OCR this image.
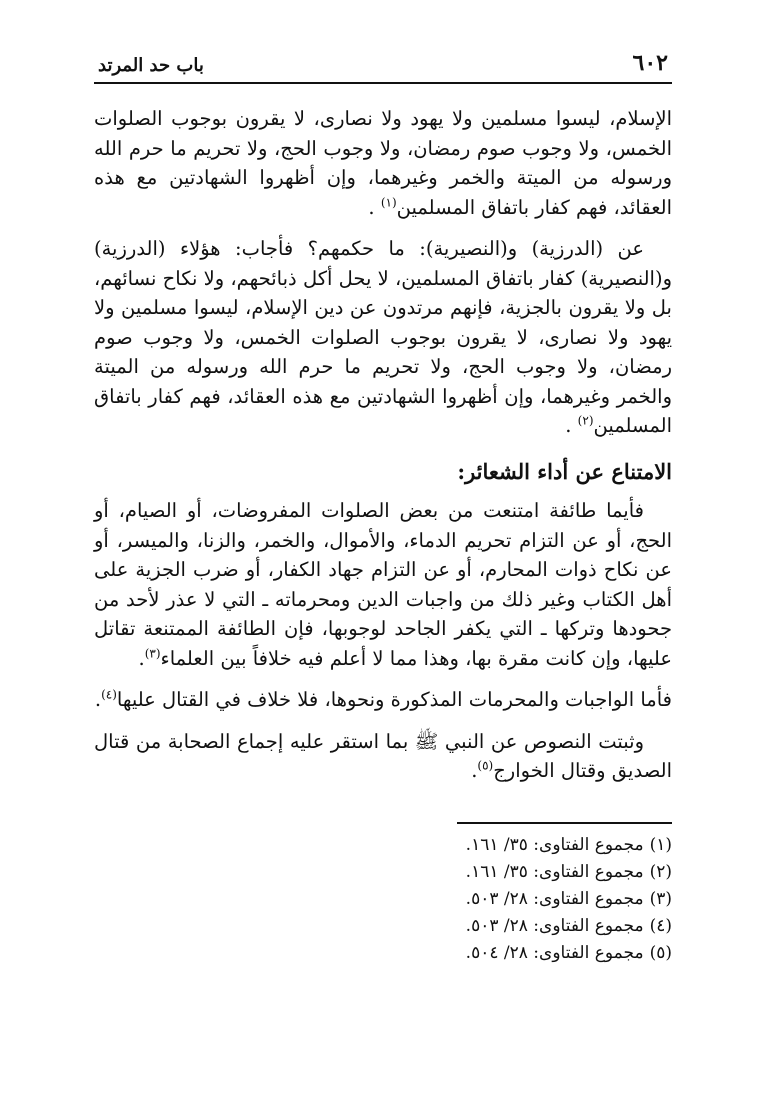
٦٠٢
باب حد المرتد

الإسلام، ليسوا مسلمين ولا يهود ولا نصارى، لا يقرون بوجوب الصلوات الخمس، ولا وجوب صوم رمضان، ولا وجوب الحج، ولا تحريم ما حرم الله ورسوله من الميتة والخمر وغيرهما، وإن أظهروا الشهادتين مع هذه العقائد، فهم كفار باتفاق المسلمين$^{(١)}$ .

عن (الدرزية) و(النصيرية): ما حكمهم؟ فأجاب: هؤلاء (الدرزية) و(النصيرية) كفار باتفاق المسلمين، لا يحل أكل ذبائحهم، ولا نكاح نسائهم، بل ولا يقرون بالجزية، فإنهم مرتدون عن دين الإسلام، ليسوا مسلمين ولا يهود ولا نصارى، لا يقرون بوجوب الصلوات الخمس، ولا وجوب صوم رمضان، ولا وجوب الحج، ولا تحريم ما حرم الله ورسوله من الميتة والخمر وغيرهما، وإن أظهروا الشهادتين مع هذه العقائد، فهم كفار باتفاق المسلمين$^{(٢)}$ .

الامتناع عن أداء الشعائر:

فأيما طائفة امتنعت من بعض الصلوات المفروضات، أو الصيام، أو الحج، أو عن التزام تحريم الدماء، والأموال، والخمر، والزنا، والميسر، أو عن نكاح ذوات المحارم، أو عن التزام جهاد الكفار، أو ضرب الجزية على أهل الكتاب وغير ذلك من واجبات الدين ومحرماته ـ التي لا عذر لأحد من جحودها وتركها ـ التي يكفر الجاحد لوجوبها، فإن الطائفة الممتنعة تقاتل عليها، وإن كانت مقرة بها، وهذا مما لا أعلم فيه خلافاً بين العلماء$^{(٣)}$.

فأما الواجبات والمحرمات المذكورة ونحوها، فلا خلاف في القتال عليها$^{(٤)}$.

وثبتت النصوص عن النبي ﷺ بما استقر عليه إجماع الصحابة من قتال الصديق وقتال الخوارج$^{(٥)}$.

(١)مجموع الفتاوى: ٣٥/ ١٦١.

(٢)مجموع الفتاوى: ٣٥/ ١٦١.

(٣)مجموع الفتاوى: ٢٨/ ٥٠٣.

(٤)مجموع الفتاوى: ٢٨/ ٥٠٣.

(٥)مجموع الفتاوى: ٢٨/ ٥٠٤.
